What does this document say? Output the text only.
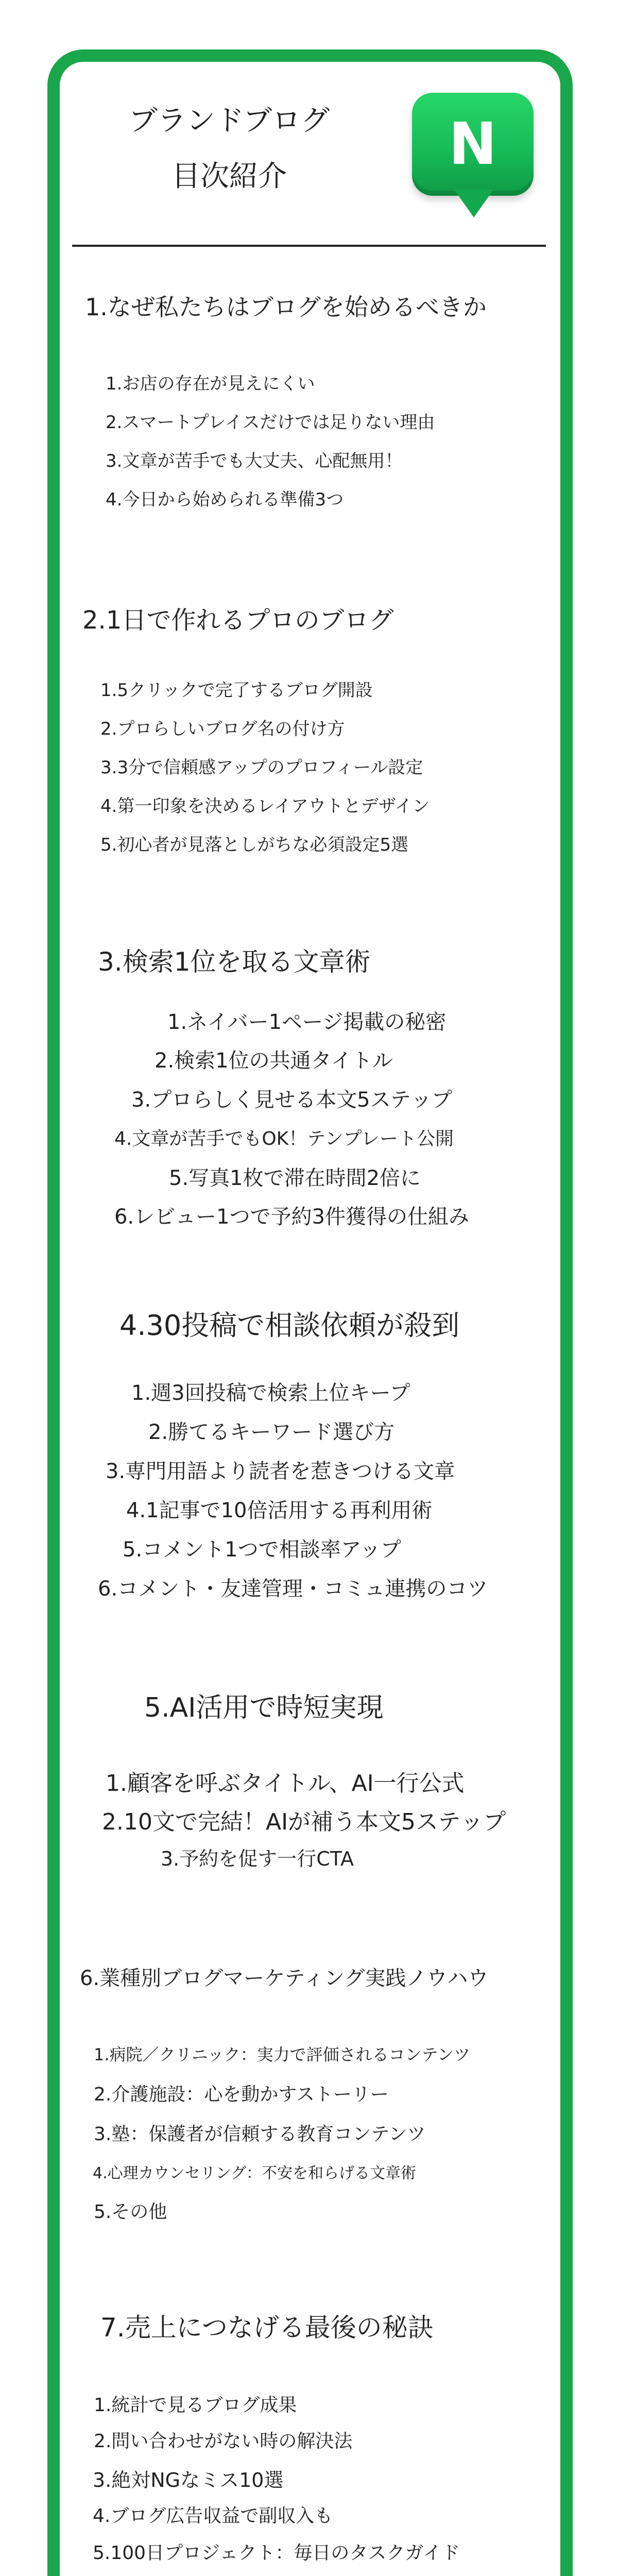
ブランドブログ
目次紹介	N
1.なぜ私たちはブログを始めるべきか
1.お店の存在が見えにくい
2.スマートプレイスだけでは足りない理由
3.文章が苦手でも大丈夫、心配無用！
4.今日から始められる準備3つ
2.1日で作れるプロのブログ
1.5クリックで完了するブログ開設
2.プロらしいブログ名の付け方
3.3分で信頼感アップのプロフィール設定
4.第一印象を決めるレイアウトとデザイン
5.初心者が見落としがちな必須設定5選
3.検索1位を取る文章術
1.ネイバー1ページ掲載の秘密
2.検索1位の共通タイトル
3.プロらしく見せる本文5ステップ
4.文章が苦手でもOK！テンプレート公開
5.写真1枚で滞在時間2倍に
6.レビュー1つで予約3件獲得の仕組み
4.30投稿で相談依頼が殺到
1.週3回投稿で検索上位キープ
2.勝てるキーワード選び方
3.専門用語より読者を惹きつける文章
4.1記事で10倍活用する再利用術
5.コメント1つで相談率アップ
6.コメント・友達管理・コミュ連携のコツ
5.AI活用で時短実現
1.顧客を呼ぶタイトル、AI一行公式
2.10文で完結！AIが補う本文5ステップ
3.予約を促す一行CTA
6.業種別ブログマーケティング実践ノウハウ
1.病院／クリニック：実力で評価されるコンテンツ
2.介護施設：心を動かすストーリー
3.塾：保護者が信頼する教育コンテンツ
4.心理カウンセリング：不安を和らげる文章術
5.その他
7.売上につなげる最後の秘訣
1.統計で見るブログ成果
2.問い合わせがない時の解決法
3.絶対NGなミス10選
4.ブログ広告収益で副収入も
5.100日プロジェクト：毎日のタスクガイド
